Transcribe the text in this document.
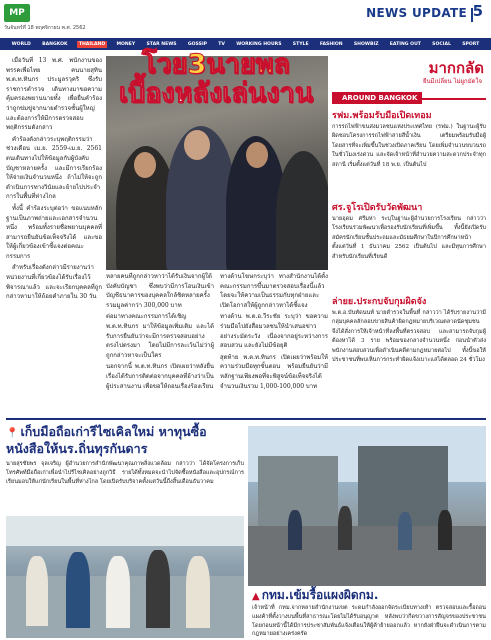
MP
วันจันทร์ที่ 18 พฤศจิกายน พ.ศ. 2562
NEWS UPDATE 5
WORLD	BANGKOK	THAILAND	MONEY	STAR NEWS	GOSSIP	TV	WORKING HOURS	STYLE	FASHION	SHOWBIZ	EATING OUT	SOCIAL	SPORT
โวย3นายพล
เบื้องหลังเล่นงาน

เมื่อวันที่ 13 พ.ศ. พนักงานของพรรคเพื่อไทย คนนายสุทิน พ.ต.ท.ทินกร ประมูลรวุคริ ซึ่งรับราชการตำรวจ เดินทางมาขอความคุ้มครองพยานนายทั้ง เพื่อยื่นคำร้องว่าถูกข่มขู่จากนายตำรวจชั้นผู้ใหญ่ และต้องการให้มีการตรวจสอบพฤติกรรมดังกล่าว

คำร้องดังกล่าวระบุพฤติกรรมว่าช่วงเดือน เม.ย. 2559-เม.ย. 2561 ตนเดินทางไปให้ข้อมูลกับผู้บังคับบัญชาหลายครั้ง และมีการเรียกร้องให้จ่ายเงินจำนวนหนึ่ง ถ้าไม่ให้จะถูกดำเนินการทางวินัยและย้ายไปประจำการในพื้นที่ห่างไกล

ทั้งนี้ คำร้องระบุต่อว่า ขอแนบหลักฐานเป็นภาพถ่ายและเอกสารจำนวนหนึ่ง พร้อมทั้งรายชื่อพยานบุคคลที่สามารถยืนยันข้อเท็จจริงได้ และขอให้ผู้เกี่ยวข้องเข้าชี้แจงต่อคณะกรรมการ

สำหรับเรื่องดังกล่าวมีรายงานว่าหน่วยงานที่เกี่ยวข้องได้รับเรื่องไว้พิจารณาแล้ว และจะเรียกบุคคลที่ถูกกล่าวหามาให้ถ้อยคำภายใน 30 วัน

หลายคนที่ถูกกล่าวหาว่าได้รับเงินจากผู้ใต้บังคับบัญชา ซึ่งพบว่ามีการโอนเงินเข้าบัญชีธนาคารของบุคคลใกล้ชิดหลายครั้ง รวมมูลค่ากว่า 300,000 บาท

ต่อมาทางคณะกรรมการได้เชิญพ.ต.ท.ทินกร มาให้ข้อมูลเพิ่มเติม และได้รับการยืนยันว่าจะมีการตรวจสอบอย่างตรงไปตรงมา โดยไม่มีการละเว้นไม่ว่าผู้ถูกกล่าวหาจะเป็นใคร

นอกจากนี้ พ.ต.ท.ทินกร เปิดเผยว่าหลังยื่นเรื่องได้รับการติดต่อจากบุคคลที่อ้างว่าเป็นผู้ประสานงาน เพื่อขอให้ถอนเรื่องร้องเรียน

ทางด้านโฆษกระบุว่า ทางสำนักงานได้ตั้งคณะกรรมการขึ้นมาตรวจสอบเรื่องนี้แล้ว โดยจะให้ความเป็นธรรมกับทุกฝ่ายและเปิดโอกาสให้ผู้ถูกกล่าวหาได้ชี้แจง

ทางด้าน พ.ต.อ.วีระชัย ระบุว่า ขอความร่วมมือไปยังสื่อมวลชนให้นำเสนอข่าวอย่างระมัดระวัง เนื่องจากอยู่ระหว่างการสอบสวน และยังไม่มีข้อยุติ

สุดท้าย พ.ต.ท.ทินกร เปิดเผยว่าพร้อมให้ความร่วมมือทุกขั้นตอน พร้อมยืนยันว่ามีหลักฐานเพียงพอที่จะพิสูจน์ข้อเท็จจริงได้ จำนวนเงินรวม 1,000-100,000 บาท

มากกลัด
ยืนมีเปลี่ยน ไม่ผูกมัดใจ
AROUND BANGKOK
รฟม.พร้อมรับมือเปิดเทอม
การรถไฟฟ้าขนส่งมวลชนแห่งประเทศไทย (รฟม.) ในฐานะผู้รับผิดชอบโครงการรถไฟฟ้าสายสีน้ำเงิน เตรียมพร้อมรับมือผู้โดยสารที่จะเพิ่มขึ้นในช่วงเปิดภาคเรียน โดยเพิ่มจำนวนขบวนรถในชั่วโมงเร่งด่วน และจัดเจ้าหน้าที่อำนวยความสะดวกประจำทุกสถานี เริ่มตั้งแต่วันที่ 18 พ.ย. เป็นต้นไป
ศร.จูโรเปิดรับวัดพัฒนา
นายอุดม ศรีมหา ระบุในฐานะผู้อำนวยการโรงเรียน กล่าวว่า โรงเรียนร่วมพัฒนาเพื่อรองรับนักเรียนที่เพิ่มขึ้น ทั้งนี้ยังเปิดรับสมัครนักเรียนชั้นประถมและมัธยมศึกษาในปีการศึกษาหน้า ตั้งแต่วันที่ 1 ธันวาคม 2562 เป็นต้นไป และมีทุนการศึกษาสำหรับนักเรียนที่เรียนดี
ล่ายย.ประกบจับกุมผิดจัง
พ.ต.อ.บันทัดนนท์ นายตำรวจในพื้นที่ กล่าวว่า ได้รับรายงานว่ามีกลุ่มบุคคลลักลอบขายสินค้าผิดกฎหมายบริเวณตลาดนัดชุมชน จึงได้สั่งการให้เจ้าหน้าที่ลงพื้นที่ตรวจสอบ และสามารถจับกุมผู้ต้องหาได้ 3 ราย พร้อมของกลางจำนวนหนึ่ง ก่อนนำตัวส่งพนักงานสอบสวนเพื่อดำเนินคดีตามกฎหมายต่อไป ทั้งนี้ขอให้ประชาชนที่พบเห็นการกระทำผิดแจ้งเบาะแสได้ตลอด 24 ชั่วโมง
📍 เก็บมือถือเก่ารีไซเคิลใหม่ หาทุนซื้อหนังสือให้นร.ถิ่นทุรกันดาร
นายสุรชัยพร จุลเจริญ ผู้อำนวยการสำนักพัฒนาคุณภาพสิ่งแวดล้อม กล่าวว่า ได้จัดโครงการเก็บโทรศัพท์มือถือเก่าเพื่อนำไปรีไซเคิลอย่างถูกวิธี รายได้ทั้งหมดจะนำไปจัดซื้อหนังสือและอุปกรณ์การเรียนมอบให้แก่นักเรียนในพื้นที่ห่างไกล โดยเปิดรับบริจาคตั้งแต่วันนี้ถึงสิ้นเดือนธันวาคม
▲ กทม.เข้มรื้อแผงผิดกม.
เจ้าหน้าที่ กทม.จากหลายสำนักงานเขต ระดมกำลังออกจัดระเบียบทางเท้า ตรวจสอบและรื้อถอนแผงค้าที่ตั้งวางบนพื้นที่สาธารณะโดยไม่ได้รับอนุญาต หลังพบว่ากีดขวางการสัญจรของประชาชน โดยก่อนหน้านี้ได้มีการประชาสัมพันธ์แจ้งเตือนให้ผู้ค้าย้ายออกแล้ว หากยังฝ่าฝืนจะดำเนินการตามกฎหมายอย่างเคร่งครัด
